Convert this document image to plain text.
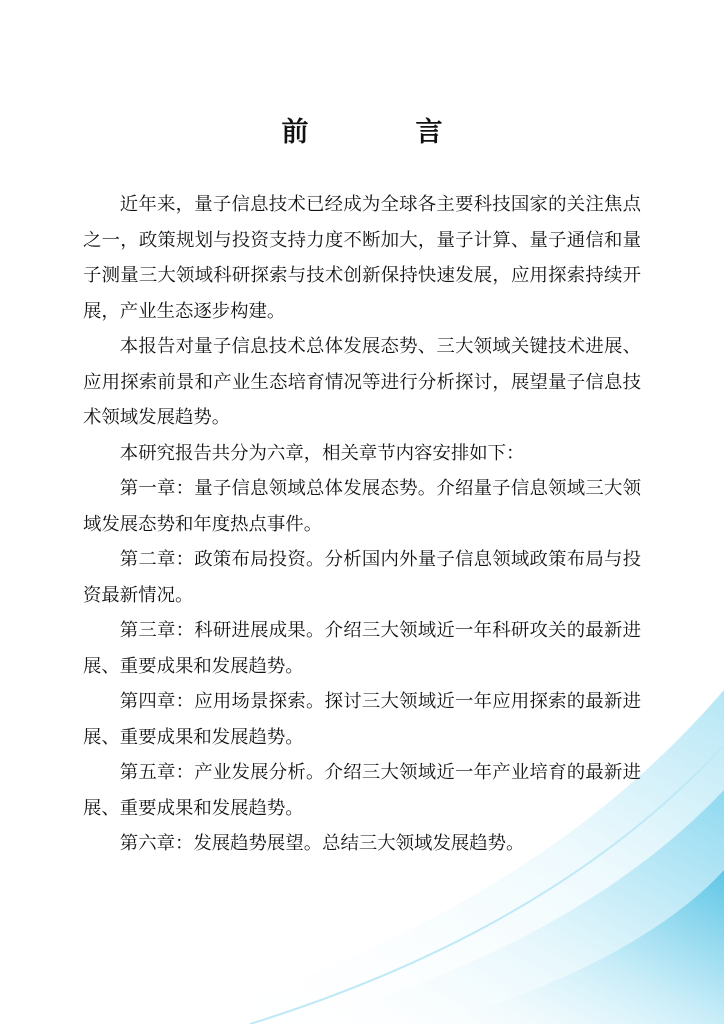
前　言

近年来，量子信息技术已经成为全球各主要科技国家的关注焦点之一，政策规划与投资支持力度不断加大，量子计算、量子通信和量子测量三大领域科研探索与技术创新保持快速发展，应用探索持续开展，产业生态逐步构建。

本报告对量子信息技术总体发展态势、三大领域关键技术进展、应用探索前景和产业生态培育情况等进行分析探讨，展望量子信息技术领域发展趋势。

本研究报告共分为六章，相关章节内容安排如下：

第一章：量子信息领域总体发展态势。介绍量子信息领域三大领域发展态势和年度热点事件。

第二章：政策布局投资。分析国内外量子信息领域政策布局与投资最新情况。

第三章：科研进展成果。介绍三大领域近一年科研攻关的最新进展、重要成果和发展趋势。

第四章：应用场景探索。探讨三大领域近一年应用探索的最新进展、重要成果和发展趋势。

第五章：产业发展分析。介绍三大领域近一年产业培育的最新进展、重要成果和发展趋势。

第六章：发展趋势展望。总结三大领域发展趋势。
